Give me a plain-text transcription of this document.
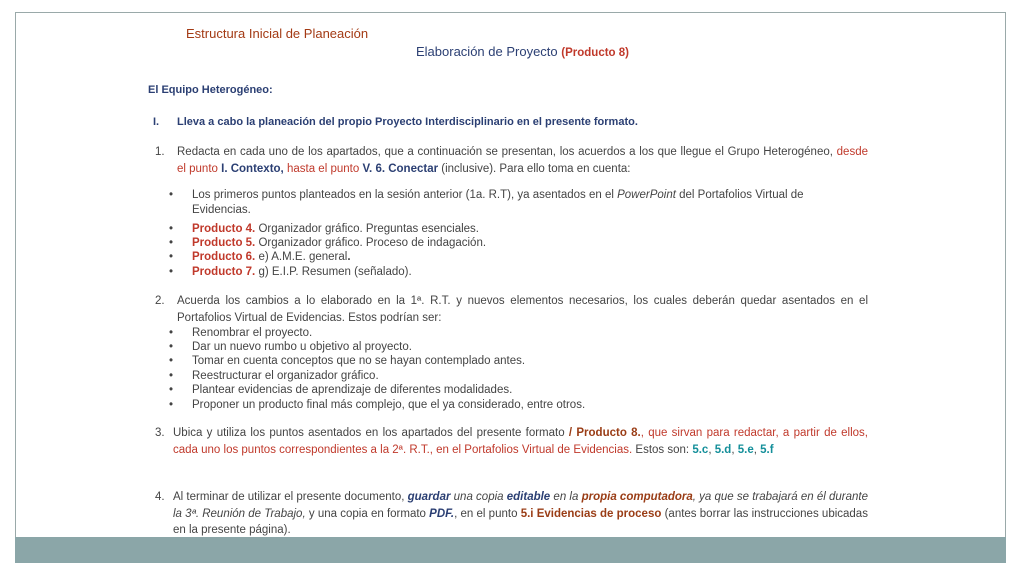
Estructura Inicial de Planeación
Elaboración de Proyecto (Producto 8)
El Equipo Heterogéneo:
I. Lleva a cabo la planeación del propio Proyecto Interdisciplinario en el presente formato.
1. Redacta en cada uno de los apartados, que a continuación se presentan, los acuerdos a los que llegue el Grupo Heterogéneo, desde el punto I. Contexto, hasta el punto V. 6. Conectar (inclusive). Para ello toma en cuenta:
• Los primeros puntos planteados en la sesión anterior (1a. R.T), ya asentados en el PowerPoint del Portafolios Virtual de
Evidencias.
• Producto 4. Organizador gráfico. Preguntas esenciales.
• Producto 5. Organizador gráfico. Proceso de indagación.
• Producto 6. e) A.M.E. general.
• Producto 7. g) E.I.P. Resumen (señalado).
2. Acuerda los cambios a lo elaborado en la 1ª. R.T. y nuevos elementos necesarios, los cuales deberán quedar asentados en el Portafolios Virtual de Evidencias. Estos podrían ser:
• Renombrar el proyecto.
• Dar un nuevo rumbo u objetivo al proyecto.
• Tomar en cuenta conceptos que no se hayan contemplado antes.
• Reestructurar el organizador gráfico.
• Plantear evidencias de aprendizaje de diferentes modalidades.
• Proponer un producto final más complejo, que el ya considerado, entre otros.
3. Ubica y utiliza los puntos asentados en los apartados del presente formato / Producto 8., que sirvan para redactar, a partir de ellos, cada uno los puntos correspondientes a la 2ª. R.T., en el Portafolios Virtual de Evidencias. Estos son: 5.c, 5.d, 5.e, 5.f
4. Al terminar de utilizar el presente documento, guardar una copia editable en la propia computadora, ya que se trabajará en él durante la 3ª. Reunión de Trabajo, y una copia en formato PDF., en el punto 5.i Evidencias de proceso (antes borrar las instrucciones ubicadas en la presente página).
